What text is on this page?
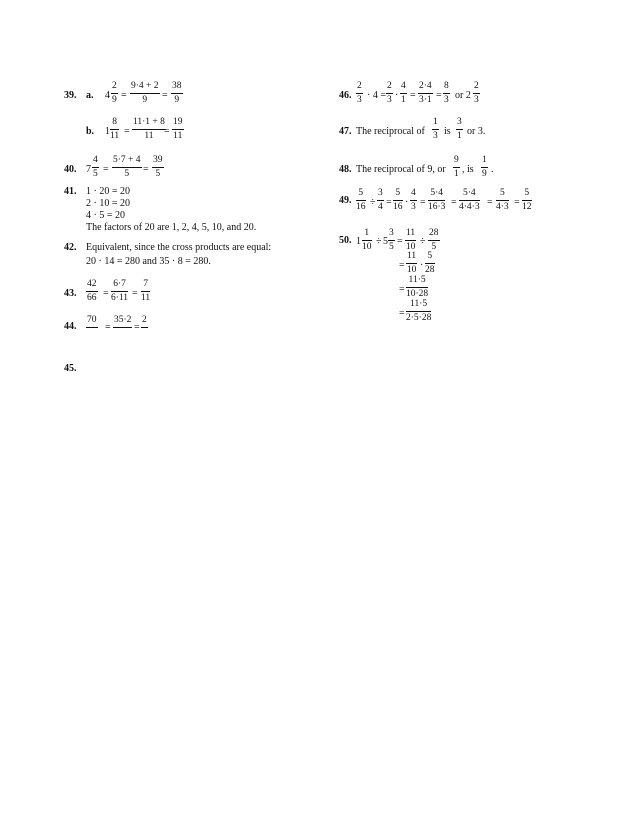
39. a. $4 \frac{2}{9} = \frac{9\cdot 4 + 2}{9} = \frac{38}{9}$
b. $1 \frac{8}{11} = \frac{11\cdot 1 + 8}{11}$
= $\frac{19}{11}$
40. $7 \frac{4}{5} = \frac{5\cdot 7 + 4}{5} = \frac{39}{5}$
41. 1 · 20 = 20
2 · 10 = 20
4 · 5 = 20
The factors of 20 are 1, 2, 4, 5, 10, and 20.
42. Equivalent, since the cross products are equal:
20 · 14 = 280 and 35 · 8 = 280.
43. $\frac{42}{66} = \frac{6\cdot 7}{6\cdot 11} = \frac{7}{11}$
44.
70
=
35·2
=
2
45.
46. $\frac{2}{3} \cdot 4 = \frac{2}{3} \cdot \frac{4}{1} = \frac{2\cdot 4}{3\cdot 1} = \frac{8}{3}$ or $2 \frac{2}{3}$
47. The reciprocal of $\frac{1}{3}$ is $\frac{3}{1}$ or 3.
48. The reciprocal of 9, or $\frac{9}{1}$ , is $\frac{1}{9}$ .
49. $\frac{5}{16} \div \frac{3}{4} = \frac{5}{16} \cdot \frac{4}{3} = \frac{5\cdot 4}{16\cdot 3} = \frac{5\cdot 4}{4\cdot 4\cdot 3} = \frac{5}{4\cdot 3} = \frac{5}{12}$
50. $1 \frac{1}{10} \div 5 \frac{3}{5} = \frac{11}{10} \div \frac{28}{5}$
= $\frac{11}{10} \cdot \frac{5}{28}$
= $\frac{11\cdot 5}{10\cdot 28}$
= $\frac{11\cdot 5}{2\cdot 5\cdot 28}$
